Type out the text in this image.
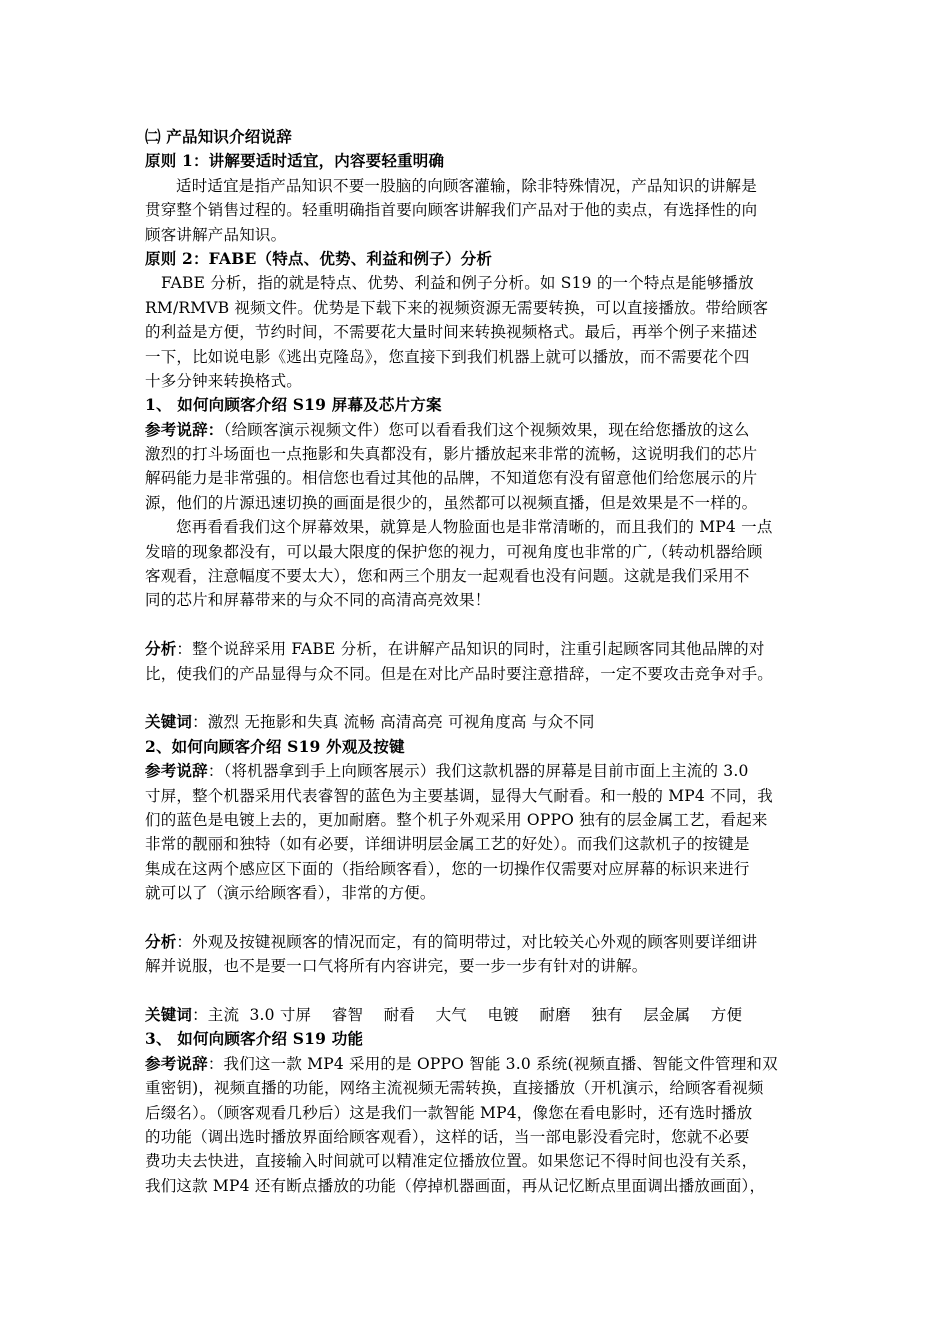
㈡ 产品知识介绍说辞
原则 1：讲解要适时适宜，内容要轻重明确
适时适宜是指产品知识不要一股脑的向顾客灌输，除非特殊情况，产品知识的讲解是
贯穿整个销售过程的。轻重明确指首要向顾客讲解我们产品对于他的卖点，有选择性的向
顾客讲解产品知识。
原则 2：FABE（特点、优势、利益和例子）分析
FABE 分析，指的就是特点、优势、利益和例子分析。如 S19 的一个特点是能够播放
RM/RMVB 视频文件。优势是下载下来的视频资源无需要转换，可以直接播放。带给顾客
的利益是方便，节约时间，不需要花大量时间来转换视频格式。最后，再举个例子来描述
一下，比如说电影《逃出克隆岛》，您直接下到我们机器上就可以播放，而不需要花个四
十多分钟来转换格式。
1、 如何向顾客介绍 S19 屏幕及芯片方案
参考说辞：（给顾客演示视频文件）您可以看看我们这个视频效果，现在给您播放的这么
激烈的打斗场面也一点拖影和失真都没有，影片播放起来非常的流畅，这说明我们的芯片
解码能力是非常强的。相信您也看过其他的品牌，不知道您有没有留意他们给您展示的片
源，他们的片源迅速切换的画面是很少的，虽然都可以视频直播，但是效果是不一样的。
您再看看我们这个屏幕效果，就算是人物脸面也是非常清晰的，而且我们的 MP4 一点
发暗的现象都没有，可以最大限度的保护您的视力，可视角度也非常的广,（转动机器给顾
客观看，注意幅度不要太大），您和两三个朋友一起观看也没有问题。这就是我们采用不
同的芯片和屏幕带来的与众不同的高清高亮效果！
分析：整个说辞采用 FABE 分析，在讲解产品知识的同时，注重引起顾客同其他品牌的对
比，使我们的产品显得与众不同。但是在对比产品时要注意措辞，一定不要攻击竞争对手。
关键词：激烈 无拖影和失真 流畅 高清高亮 可视角度高 与众不同
2、如何向顾客介绍 S19 外观及按键
参考说辞：（将机器拿到手上向顾客展示）我们这款机器的屏幕是目前市面上主流的 3.0
寸屏，整个机器采用代表睿智的蓝色为主要基调，显得大气耐看。和一般的 MP4 不同，我
们的蓝色是电镀上去的，更加耐磨。整个机子外观采用 OPPO 独有的层金属工艺，看起来
非常的靓丽和独特（如有必要，详细讲明层金属工艺的好处）。而我们这款机子的按键是
集成在这两个感应区下面的（指给顾客看），您的一切操作仅需要对应屏幕的标识来进行
就可以了（演示给顾客看），非常的方便。
分析：外观及按键视顾客的情况而定，有的简明带过，对比较关心外观的顾客则要详细讲
解并说服，也不是要一口气将所有内容讲完，要一步一步有针对的讲解。
关键词：主流  3.0 寸屏    睿智    耐看    大气    电镀    耐磨    独有    层金属    方便
3、 如何向顾客介绍 S19 功能
参考说辞：我们这一款 MP4 采用的是 OPPO 智能 3.0 系统(视频直播、智能文件管理和双
重密钥)，视频直播的功能，网络主流视频无需转换，直接播放（开机演示，给顾客看视频
后缀名）。（顾客观看几秒后）这是我们一款智能 MP4，像您在看电影时，还有选时播放
的功能（调出选时播放界面给顾客观看），这样的话，当一部电影没看完时，您就不必要
费功夫去快进，直接输入时间就可以精准定位播放位置。如果您记不得时间也没有关系，
我们这款 MP4 还有断点播放的功能（停掉机器画面，再从记忆断点里面调出播放画面），
